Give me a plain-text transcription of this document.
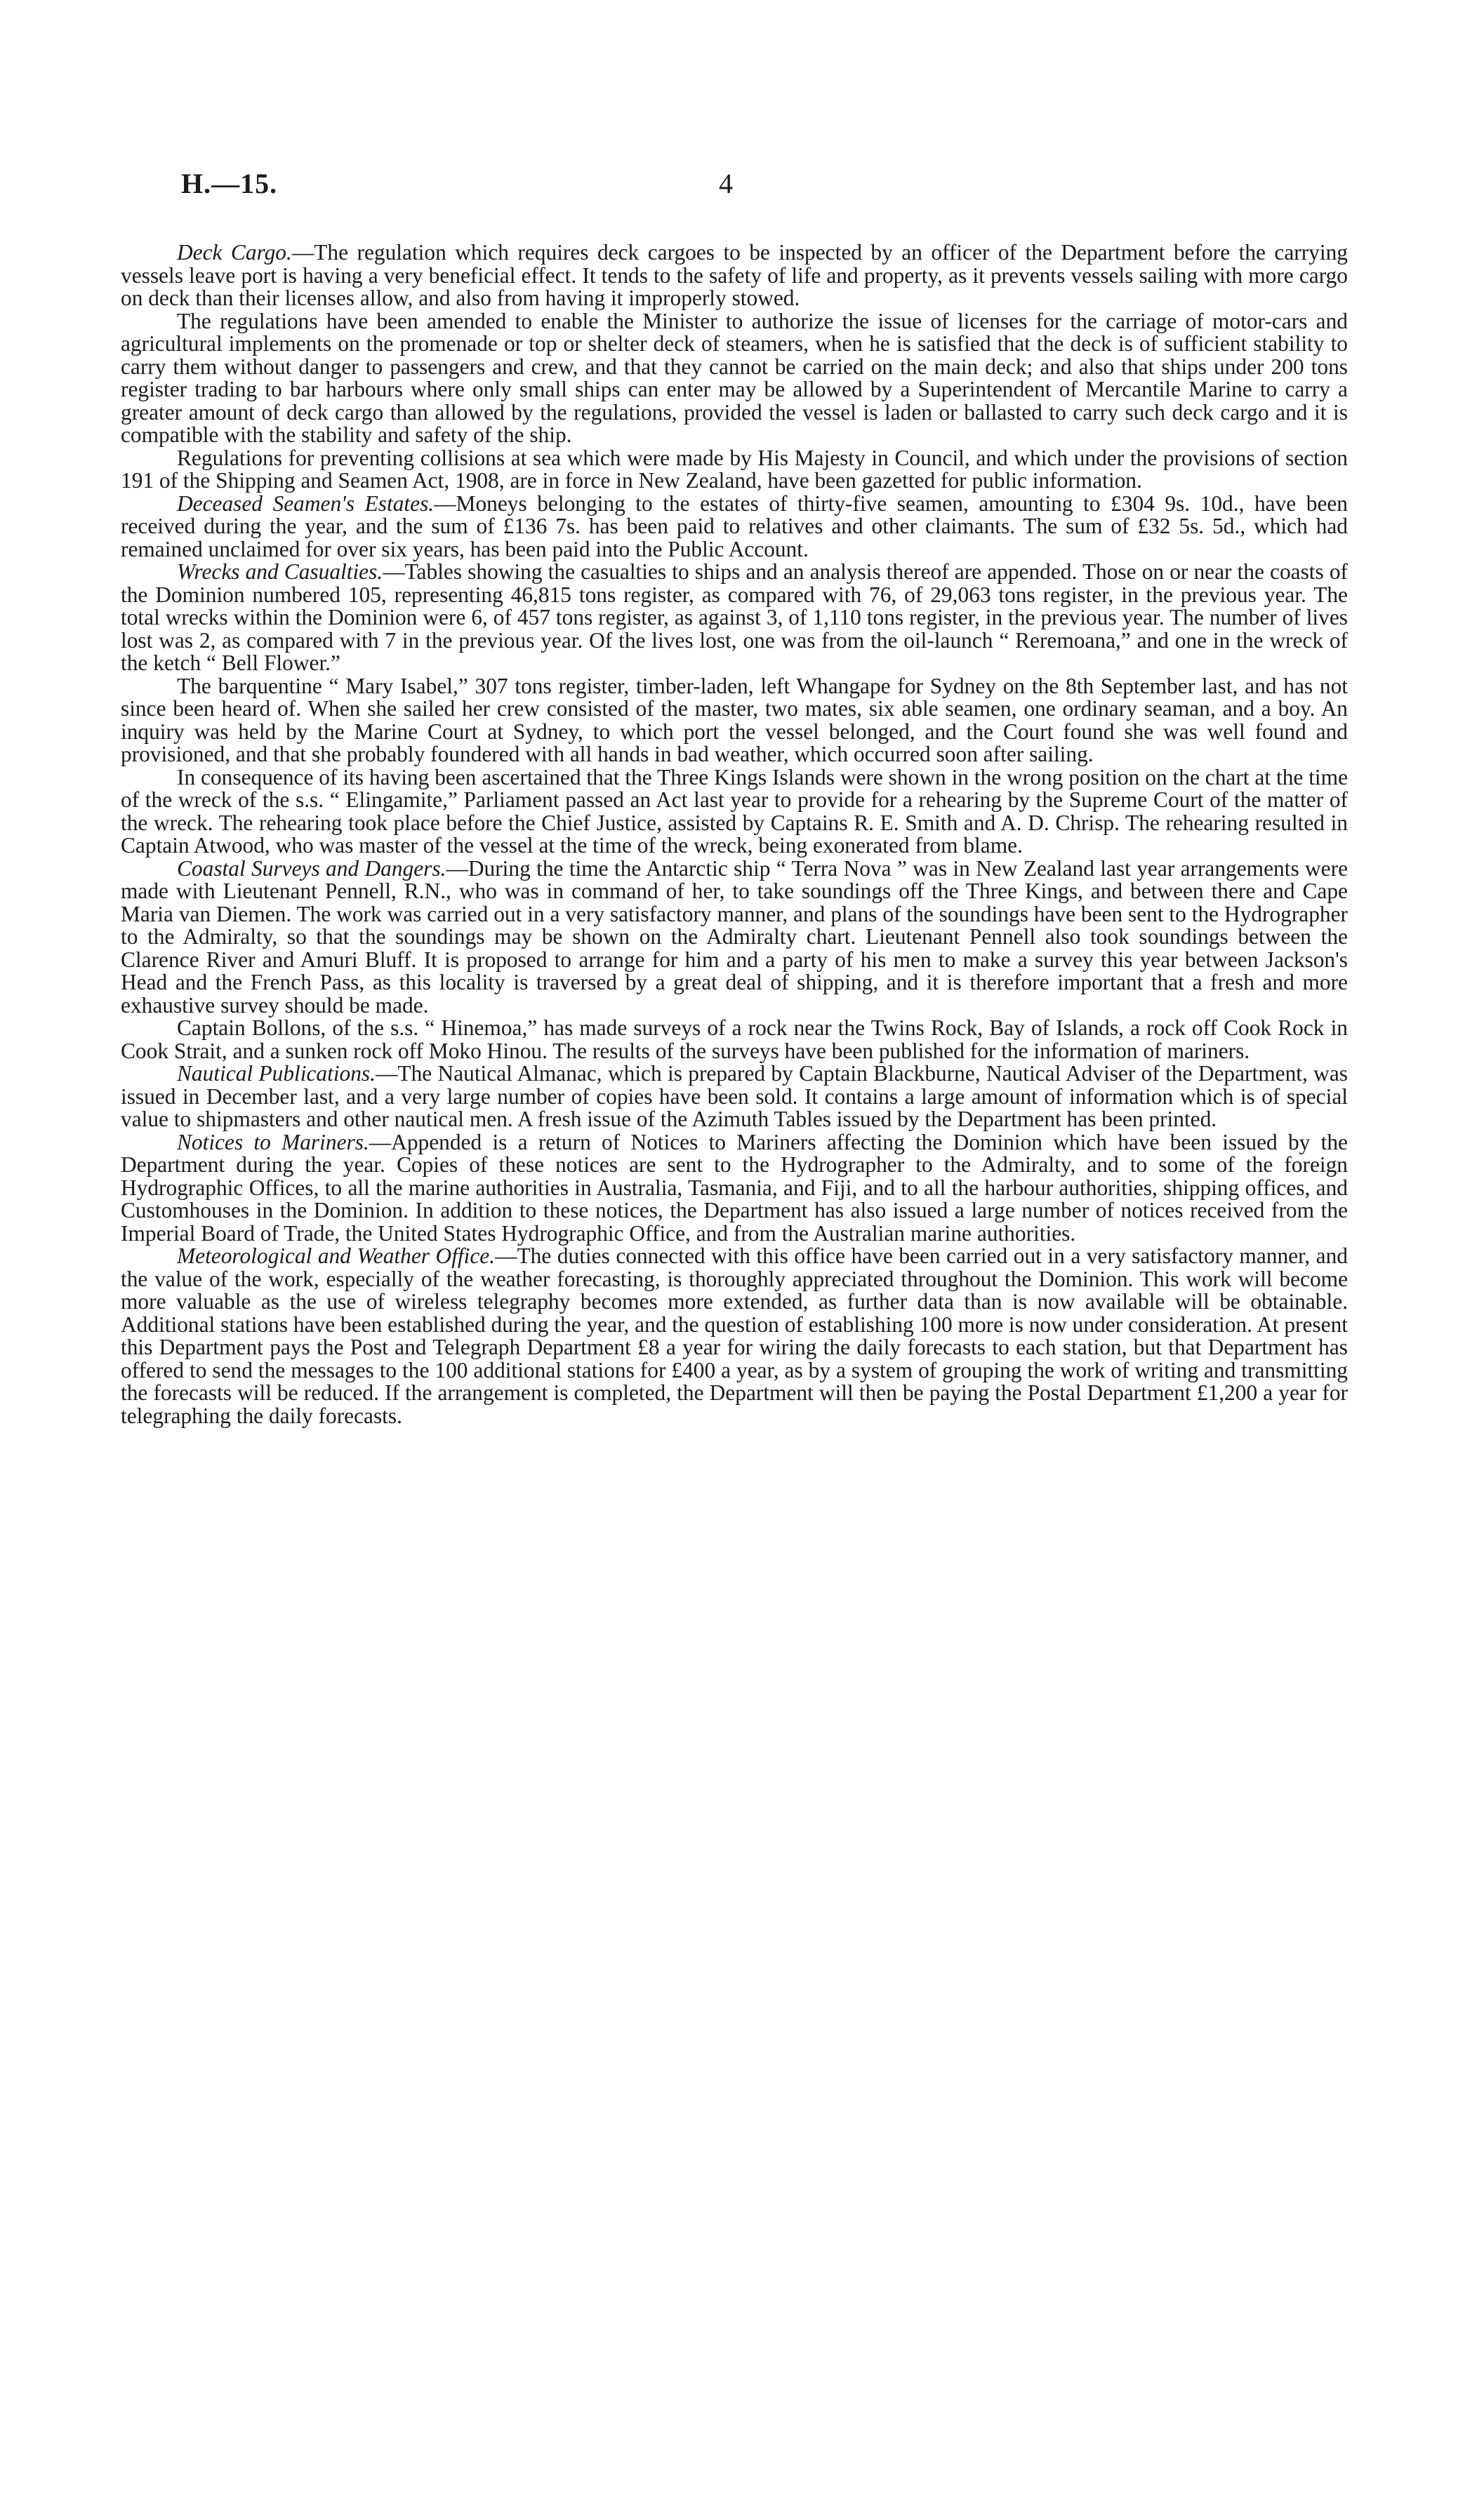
H.—15.	4

Deck Cargo.—The regulation which requires deck cargoes to be inspected by an officer of the Department before the carrying vessels leave port is having a very beneficial effect. It tends to the safety of life and property, as it prevents vessels sailing with more cargo on deck than their licenses allow, and also from having it improperly stowed.

The regulations have been amended to enable the Minister to authorize the issue of licenses for the carriage of motor-cars and agricultural implements on the promenade or top or shelter deck of steamers, when he is satisfied that the deck is of sufficient stability to carry them without danger to passengers and crew, and that they cannot be carried on the main deck; and also that ships under 200 tons register trading to bar harbours where only small ships can enter may be allowed by a Superintendent of Mercantile Marine to carry a greater amount of deck cargo than allowed by the regulations, provided the vessel is laden or ballasted to carry such deck cargo and it is compatible with the stability and safety of the ship.

Regulations for preventing collisions at sea which were made by His Majesty in Council, and which under the provisions of section 191 of the Shipping and Seamen Act, 1908, are in force in New Zealand, have been gazetted for public information.

Deceased Seamen's Estates.—Moneys belonging to the estates of thirty-five seamen, amounting to £304 9s. 10d., have been received during the year, and the sum of £136 7s. has been paid to relatives and other claimants. The sum of £32 5s. 5d., which had remained unclaimed for over six years, has been paid into the Public Account.

Wrecks and Casualties.—Tables showing the casualties to ships and an analysis thereof are appended. Those on or near the coasts of the Dominion numbered 105, representing 46,815 tons register, as compared with 76, of 29,063 tons register, in the previous year. The total wrecks within the Dominion were 6, of 457 tons register, as against 3, of 1,110 tons register, in the previous year. The number of lives lost was 2, as compared with 7 in the previous year. Of the lives lost, one was from the oil-launch “ Reremoana,” and one in the wreck of the ketch “ Bell Flower.”

The barquentine “ Mary Isabel,” 307 tons register, timber-laden, left Whangape for Sydney on the 8th September last, and has not since been heard of. When she sailed her crew consisted of the master, two mates, six able seamen, one ordinary seaman, and a boy. An inquiry was held by the Marine Court at Sydney, to which port the vessel belonged, and the Court found she was well found and provisioned, and that she probably foundered with all hands in bad weather, which occurred soon after sailing.

In consequence of its having been ascertained that the Three Kings Islands were shown in the wrong position on the chart at the time of the wreck of the s.s. “ Elingamite,” Parliament passed an Act last year to provide for a rehearing by the Supreme Court of the matter of the wreck. The rehearing took place before the Chief Justice, assisted by Captains R. E. Smith and A. D. Chrisp. The rehearing resulted in Captain Atwood, who was master of the vessel at the time of the wreck, being exonerated from blame.

Coastal Surveys and Dangers.—During the time the Antarctic ship “ Terra Nova ” was in New Zealand last year arrangements were made with Lieutenant Pennell, R.N., who was in command of her, to take soundings off the Three Kings, and between there and Cape Maria van Diemen. The work was carried out in a very satisfactory manner, and plans of the soundings have been sent to the Hydrographer to the Admiralty, so that the soundings may be shown on the Admiralty chart. Lieutenant Pennell also took soundings between the Clarence River and Amuri Bluff. It is proposed to arrange for him and a party of his men to make a survey this year between Jackson's Head and the French Pass, as this locality is traversed by a great deal of shipping, and it is therefore important that a fresh and more exhaustive survey should be made.

Captain Bollons, of the s.s. “ Hinemoa,” has made surveys of a rock near the Twins Rock, Bay of Islands, a rock off Cook Rock in Cook Strait, and a sunken rock off Moko Hinou. The results of the surveys have been published for the information of mariners.

Nautical Publications.—The Nautical Almanac, which is prepared by Captain Blackburne, Nautical Adviser of the Department, was issued in December last, and a very large number of copies have been sold. It contains a large amount of information which is of special value to shipmasters and other nautical men. A fresh issue of the Azimuth Tables issued by the Department has been printed.

Notices to Mariners.—Appended is a return of Notices to Mariners affecting the Dominion which have been issued by the Department during the year. Copies of these notices are sent to the Hydrographer to the Admiralty, and to some of the foreign Hydrographic Offices, to all the marine authorities in Australia, Tasmania, and Fiji, and to all the harbour authorities, shipping offices, and Customhouses in the Dominion. In addition to these notices, the Department has also issued a large number of notices received from the Imperial Board of Trade, the United States Hydrographic Office, and from the Australian marine authorities.

Meteorological and Weather Office.—The duties connected with this office have been carried out in a very satisfactory manner, and the value of the work, especially of the weather forecasting, is thoroughly appreciated throughout the Dominion. This work will become more valuable as the use of wireless telegraphy becomes more extended, as further data than is now available will be obtainable. Additional stations have been established during the year, and the question of establishing 100 more is now under consideration. At present this Department pays the Post and Telegraph Department £8 a year for wiring the daily forecasts to each station, but that Department has offered to send the messages to the 100 additional stations for £400 a year, as by a system of grouping the work of writing and transmitting the forecasts will be reduced. If the arrangement is completed, the Department will then be paying the Postal Department £1,200 a year for telegraphing the daily forecasts.
